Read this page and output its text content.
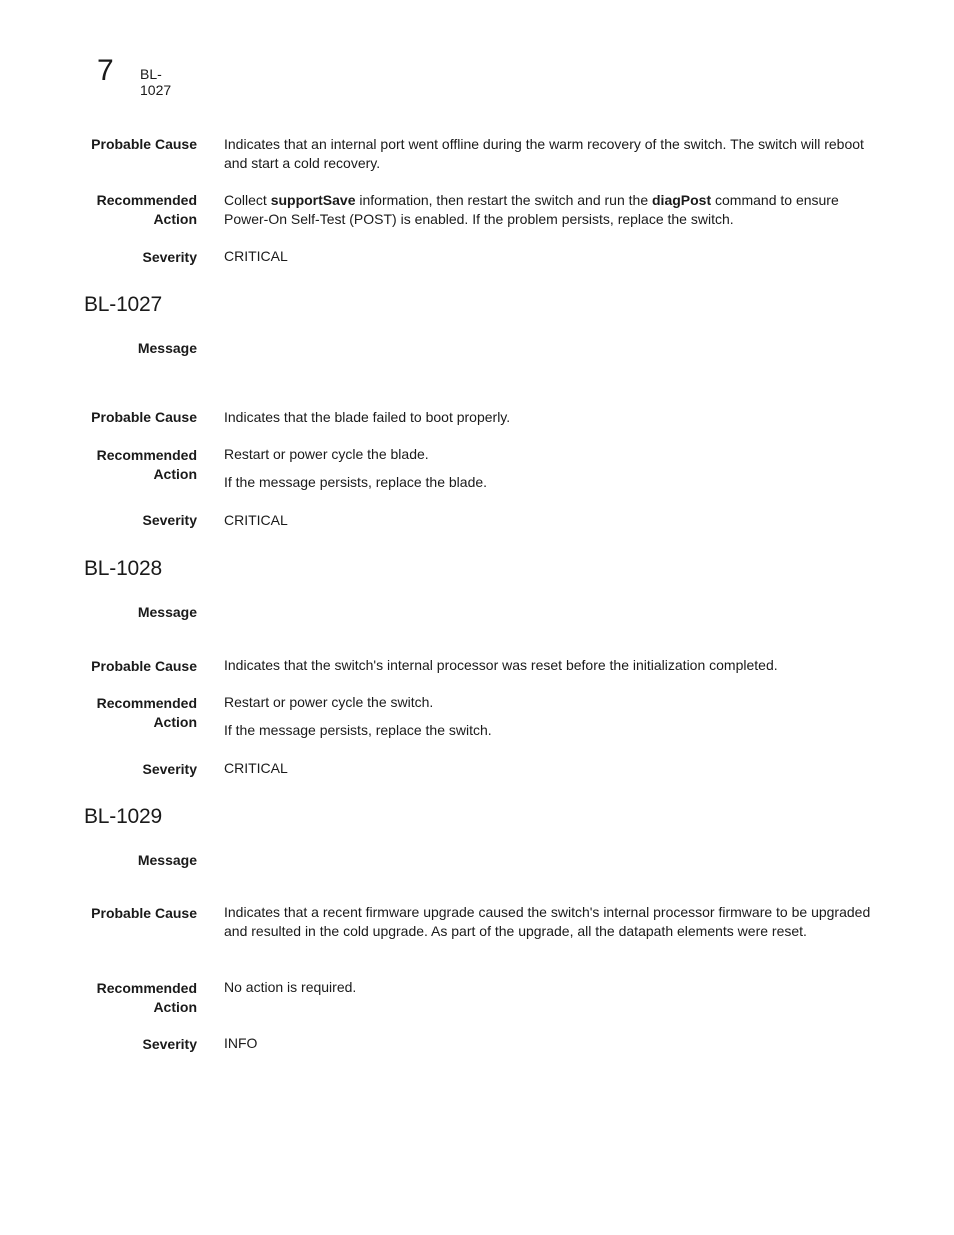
7 BL-1027
Probable Cause Indicates that an internal port went offline during the warm recovery of the switch. The switch will reboot and start a cold recovery.

Recommended
Action

Collect supportSave information, then restart the switch and run the diagPost command to ensure Power-On Self-Test (POST) is enabled. If the problem persists, replace the switch.

Severity CRITICAL
BL-1027
Message
Probable Cause Indicates that the blade failed to boot properly.
Recommended
Action

Restart or power cycle the blade.

If the message persists, replace the blade.

Severity CRITICAL
BL-1028
Message
Probable Cause Indicates that the switch's internal processor was reset before the initialization completed.
Recommended
Action

Restart or power cycle the switch.

If the message persists, replace the switch.

Severity CRITICAL
BL-1029
Message
Probable Cause Indicates that a recent firmware upgrade caused the switch's internal processor firmware to be upgraded and resulted in the cold upgrade. As part of the upgrade, all the datapath elements were reset.
Recommended
Action
No action is required.
Severity INFO
